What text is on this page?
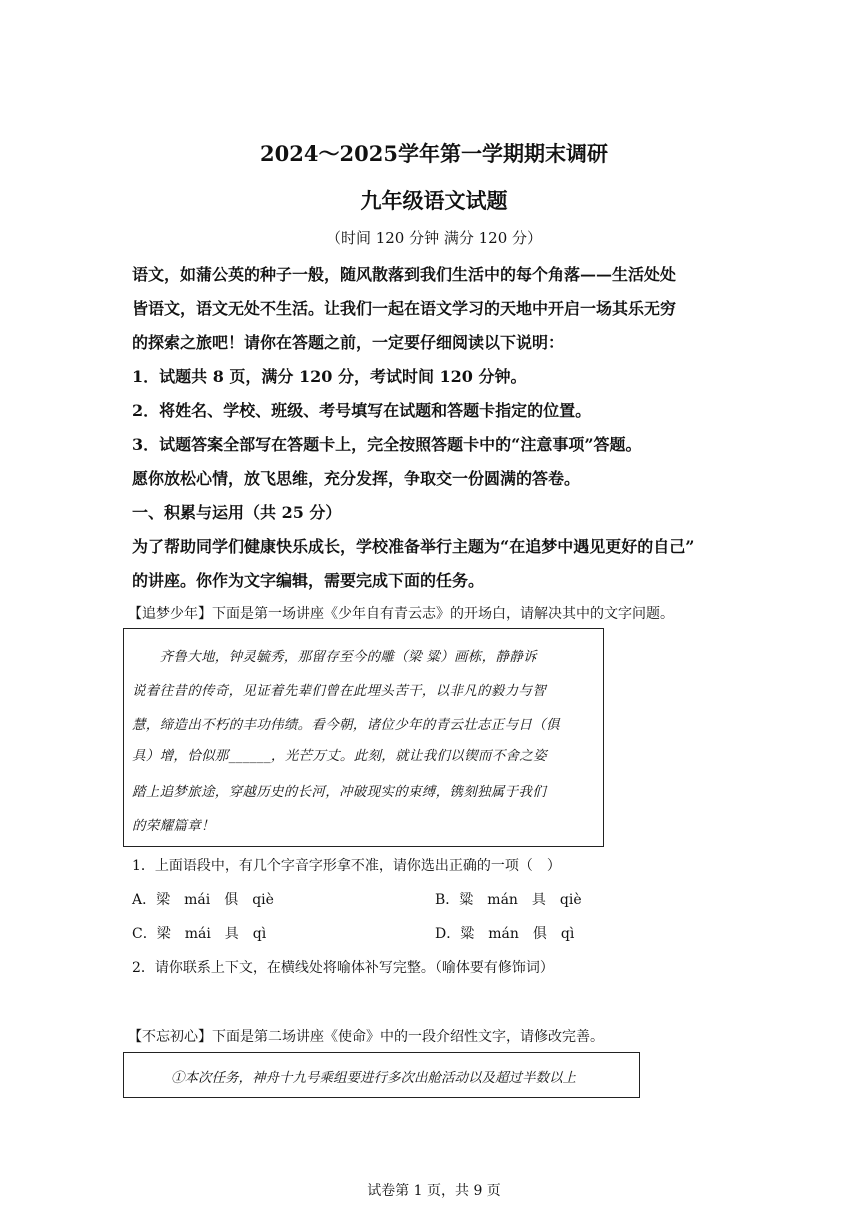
2024～2025学年第一学期期末调研
九年级语文试题
（时间 120 分钟 满分 120 分）
语文，如蒲公英的种子一般，随风散落到我们生活中的每个角落——生活处处
皆语文，语文无处不生活。让我们一起在语文学习的天地中开启一场其乐无穷
的探索之旅吧！请你在答题之前，一定要仔细阅读以下说明：
1．试题共 8 页，满分 120 分，考试时间 120 分钟。
2．将姓名、学校、班级、考号填写在试题和答题卡指定的位置。
3．试题答案全部写在答题卡上，完全按照答题卡中的“注意事项”答题。
愿你放松心情，放飞思维，充分发挥，争取交一份圆满的答卷。
一、积累与运用（共 25 分）
为了帮助同学们健康快乐成长，学校准备举行主题为“在追梦中遇见更好的自己”
的讲座。你作为文字编辑，需要完成下面的任务。
【追梦少年】下面是第一场讲座《少年自有青云志》的开场白，请解决其中的文字问题。
　　齐鲁大地，钟灵毓秀，那留存至今的雕（梁 粱）画栋，静静诉
说着往昔的传奇，见证着先辈们曾在此埋头苦干，以非凡的毅力与智
慧，缔造出不朽的丰功伟绩。看今朝，诸位少年的青云壮志正与日（俱
具）增，恰似那______，光芒万丈。此刻，就让我们以锲而不舍之姿
踏上追梦旅途，穿越历史的长河，冲破现实的束缚，镌刻独属于我们
的荣耀篇章！
1．上面语段中，有几个字音字形拿不准，请你选出正确的一项（　）
A．梁　mái　俱　qiè	B．粱　mán　具　qiè
C．梁　mái　具　qì	D．粱　mán　俱　qì
2．请你联系上下文，在横线处将喻体补写完整。（喻体要有修饰词）
【不忘初心】下面是第二场讲座《使命》中的一段介绍性文字，请修改完善。
①本次任务，神舟十九号乘组要进行多次出舱活动以及超过半数以上
试卷第 1 页，共 9 页
